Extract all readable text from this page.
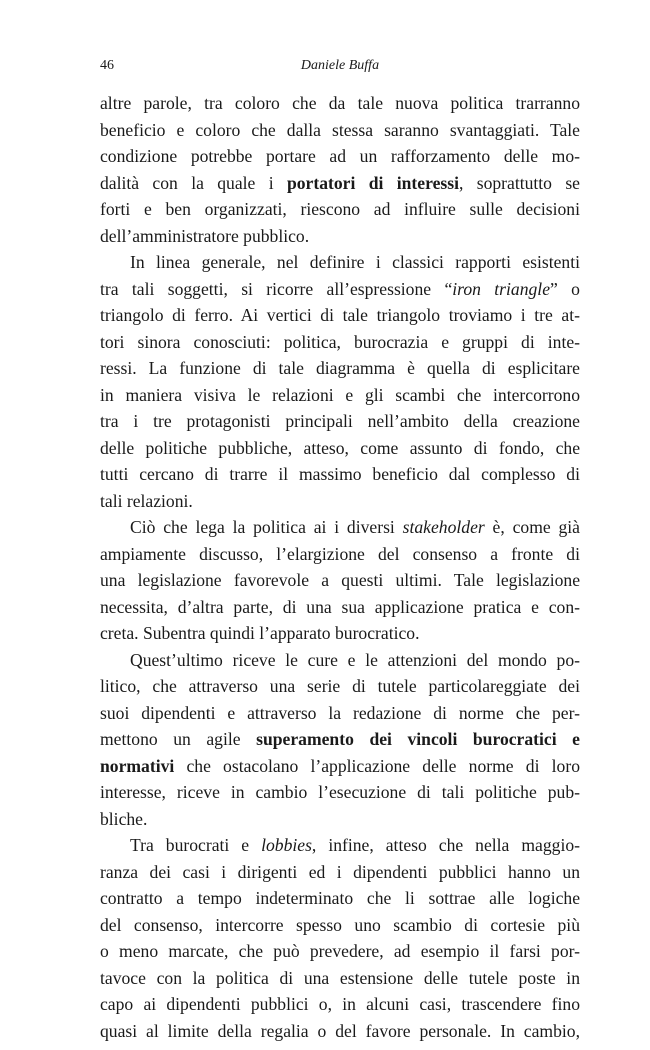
46	Daniele Buffa
altre parole, tra coloro che da tale nuova politica trarranno
beneficio e coloro che dalla stessa saranno svantaggiati. Tale
condizione potrebbe portare ad un rafforzamento delle mo-
dalità con la quale i portatori di interessi, soprattutto se
forti e ben organizzati, riescono ad influire sulle decisioni
dell’amministratore pubblico.
In linea generale, nel definire i classici rapporti esistenti
tra tali soggetti, si ricorre all’espressione “iron triangle” o
triangolo di ferro. Ai vertici di tale triangolo troviamo i tre at-
tori sinora conosciuti: politica, burocrazia e gruppi di inte-
ressi. La funzione di tale diagramma è quella di esplicitare
in maniera visiva le relazioni e gli scambi che intercorrono
tra i tre protagonisti principali nell’ambito della creazione
delle politiche pubbliche, atteso, come assunto di fondo, che
tutti cercano di trarre il massimo beneficio dal complesso di
tali relazioni.
Ciò che lega la politica ai i diversi stakeholder è, come già
ampiamente discusso, l’elargizione del consenso a fronte di
una legislazione favorevole a questi ultimi. Tale legislazione
necessita, d’altra parte, di una sua applicazione pratica e con-
creta. Subentra quindi l’apparato burocratico.
Quest’ultimo riceve le cure e le attenzioni del mondo po-
litico, che attraverso una serie di tutele particolareggiate dei
suoi dipendenti e attraverso la redazione di norme che per-
mettono un agile superamento dei vincoli burocratici e
normativi che ostacolano l’applicazione delle norme di loro
interesse, riceve in cambio l’esecuzione di tali politiche pub-
bliche.
Tra burocrati e lobbies, infine, atteso che nella maggio-
ranza dei casi i dirigenti ed i dipendenti pubblici hanno un
contratto a tempo indeterminato che li sottrae alle logiche
del consenso, intercorre spesso uno scambio di cortesie più
o meno marcate, che può prevedere, ad esempio il farsi por-
tavoce con la politica di una estensione delle tutele poste in
capo ai dipendenti pubblici o, in alcuni casi, trascendere fino
quasi al limite della regalia o del favore personale. In cambio,
